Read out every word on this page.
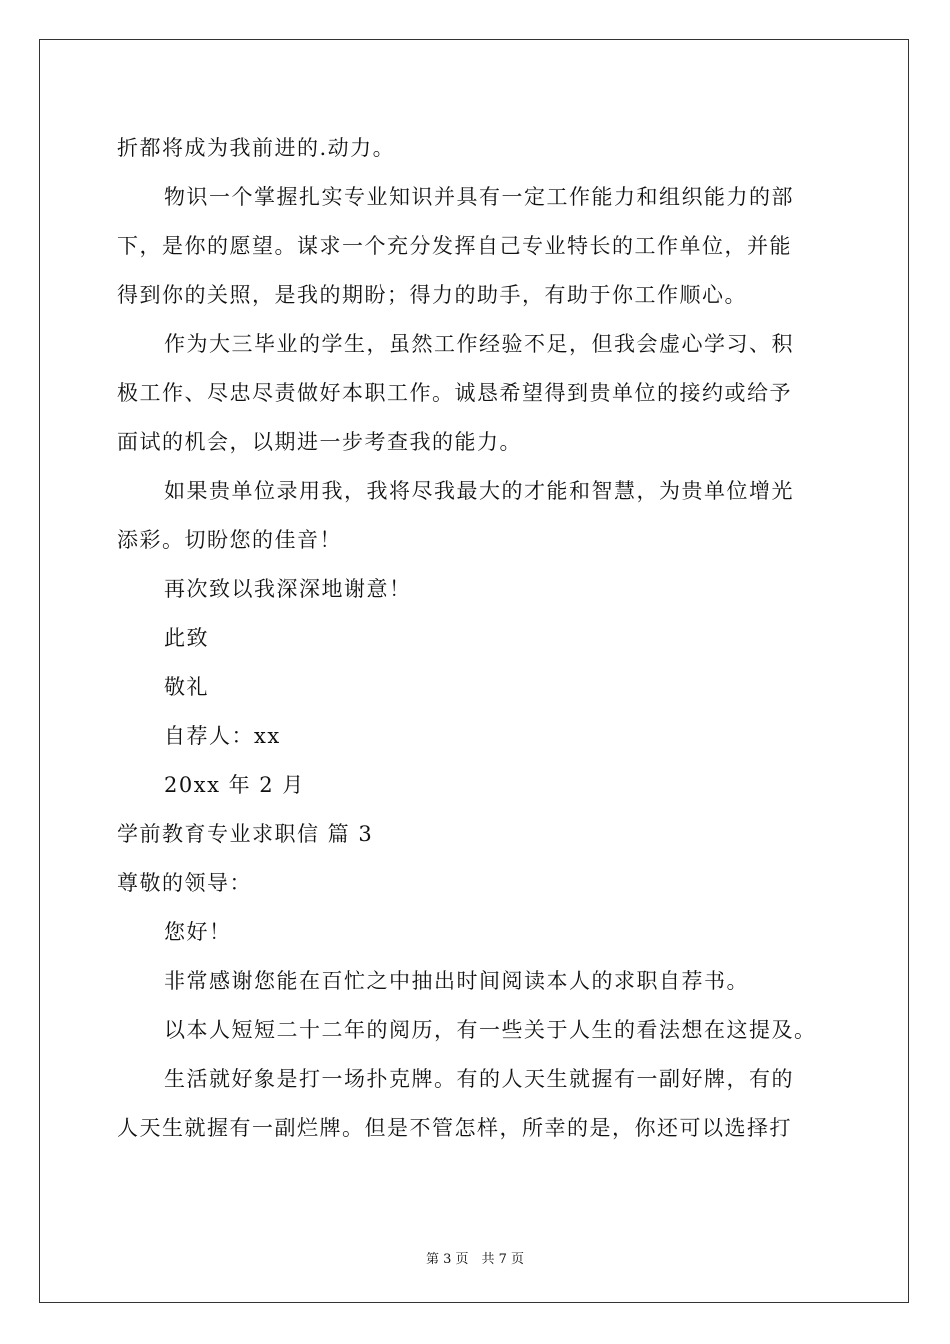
折都将成为我前进的.动力。
物识一个掌握扎实专业知识并具有一定工作能力和组织能力的部
下，是你的愿望。谋求一个充分发挥自己专业特长的工作单位，并能
得到你的关照，是我的期盼；得力的助手，有助于你工作顺心。
作为大三毕业的学生，虽然工作经验不足，但我会虚心学习、积
极工作、尽忠尽责做好本职工作。诚恳希望得到贵单位的接约或给予
面试的机会，以期进一步考查我的能力。
如果贵单位录用我，我将尽我最大的才能和智慧，为贵单位增光
添彩。切盼您的佳音！
再次致以我深深地谢意！
此致
敬礼
自荐人：xx
20xx 年 2 月
学前教育专业求职信 篇 3
尊敬的领导：
您好！
非常感谢您能在百忙之中抽出时间阅读本人的求职自荐书。
以本人短短二十二年的阅历，有一些关于人生的看法想在这提及。
生活就好象是打一场扑克牌。有的人天生就握有一副好牌，有的
人天生就握有一副烂牌。但是不管怎样，所幸的是，你还可以选择打
第 3 页　共 7 页
